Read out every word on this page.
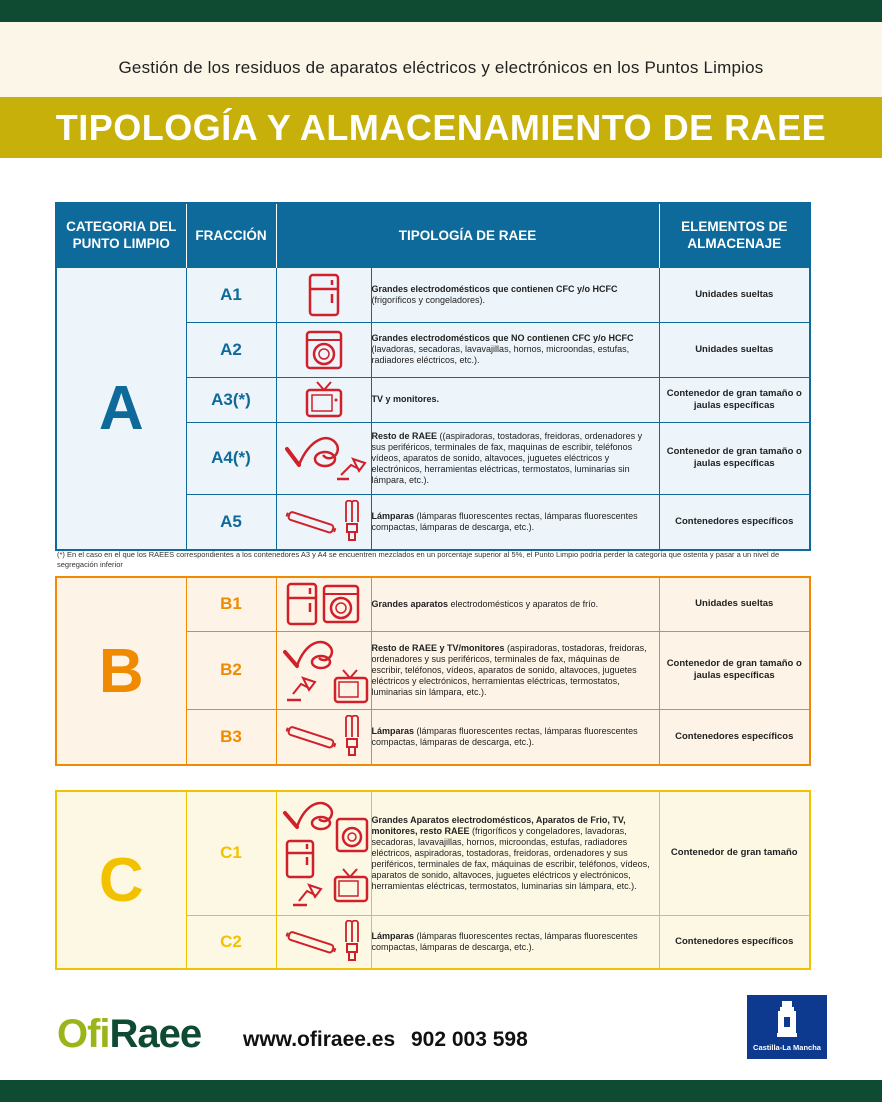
Gestión de los residuos de aparatos eléctricos y electrónicos en los Puntos Limpios
TIPOLOGÍA Y ALMACENAMIENTO DE RAEE
CATEGORIA DEL PUNTO LIMPIO	FRACCIÓN	TIPOLOGÍA DE RAEE		ELEMENTOS DE ALMACENAJE
A	A1		Grandes electrodomésticos que contienen CFC y/o HCFC (frigoríficos y congeladores).	Unidades sueltas
	A2		Grandes electrodomésticos que NO contienen CFC y/o HCFC (lavadoras, secadoras, lavavajillas, hornos, microondas, estufas, radiadores eléctricos, etc.).	Unidades sueltas
	A3(*)		TV y monitores.	Contenedor de gran tamaño o jaulas específicas
	A4(*)		Resto de RAEE ((aspiradoras, tostadoras, freidoras, ordenadores y sus periféricos, terminales de fax, maquinas de escribir, teléfonos vídeos, aparatos de sonido, altavoces, juguetes eléctricos y electrónicos, herramientas eléctricas, termostatos, luminarias sin lámpara, etc.).	Contenedor de gran tamaño o jaulas específicas
	A5		Lámparas (lámparas fluorescentes rectas, lámparas fluorescentes compactas, lámparas de descarga, etc.).	Contenedores específicos
(*) En el caso en el que los RAEES correspondientes a los contenedores A3 y A4 se encuentren mezclados en un porcentaje superior al 5%, el Punto Limpio podría perder la categoría que ostenta y pasar a un nivel de segregación inferior
B	B1		Grandes aparatos electrodomésticos y aparatos de frío.	Unidades sueltas
	B2		Resto de RAEE y TV/monitores (aspiradoras, tostadoras, freidoras, ordenadores y sus periféricos, terminales de fax, máquinas de escribir, teléfonos, vídeos, aparatos de sonido, altavoces, juguetes eléctricos y electrónicos, herramientas eléctricas, termostatos, luminarias sin lámpara, etc.).	Contenedor de gran tamaño o jaulas específicas
	B3		Lámparas (lámparas fluorescentes rectas, lámparas fluorescentes compactas, lámparas de descarga, etc.).	Contenedores específicos
C	C1		Grandes Aparatos electrodomésticos, Aparatos de Frio, TV, monitores, resto RAEE (frigoríficos y congeladores, lavadoras, secadoras, lavavajillas, hornos, microondas, estufas, radiadores eléctricos, aspiradoras, tostadoras, freidoras, ordenadores y sus periféricos, terminales de fax, máquinas de escribir, teléfonos, vídeos, aparatos de sonido, altavoces, juguetes eléctricos y electrónicos, herramientas eléctricas, termostatos, luminarias sin lámpara, etc.).	Contenedor de gran tamaño
	C2		Lámparas (lámparas fluorescentes rectas, lámparas fluorescentes compactas, lámparas de descarga, etc.).	Contenedores específicos
OfiRaee www.ofiraee.es 902 003 598	Castilla-La Mancha
